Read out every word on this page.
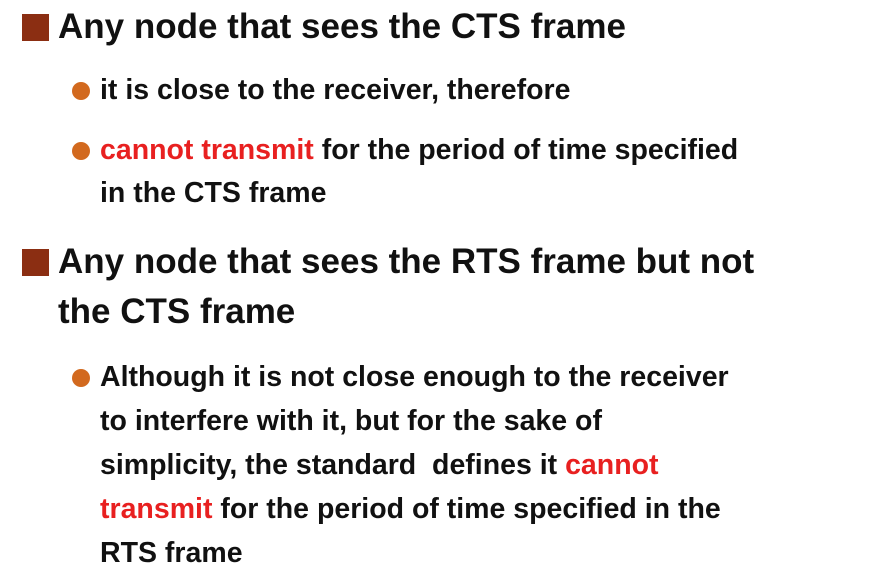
Any node that sees the CTS frame
it is close to the receiver, therefore
cannot transmit for the period of time specified
in the CTS frame
Any node that sees the RTS frame but not
the CTS frame
Although it is not close enough to the receiver
to interfere with it, but for the sake of
simplicity, the standard  defines it cannot
transmit for the period of time specified in the
RTS frame
